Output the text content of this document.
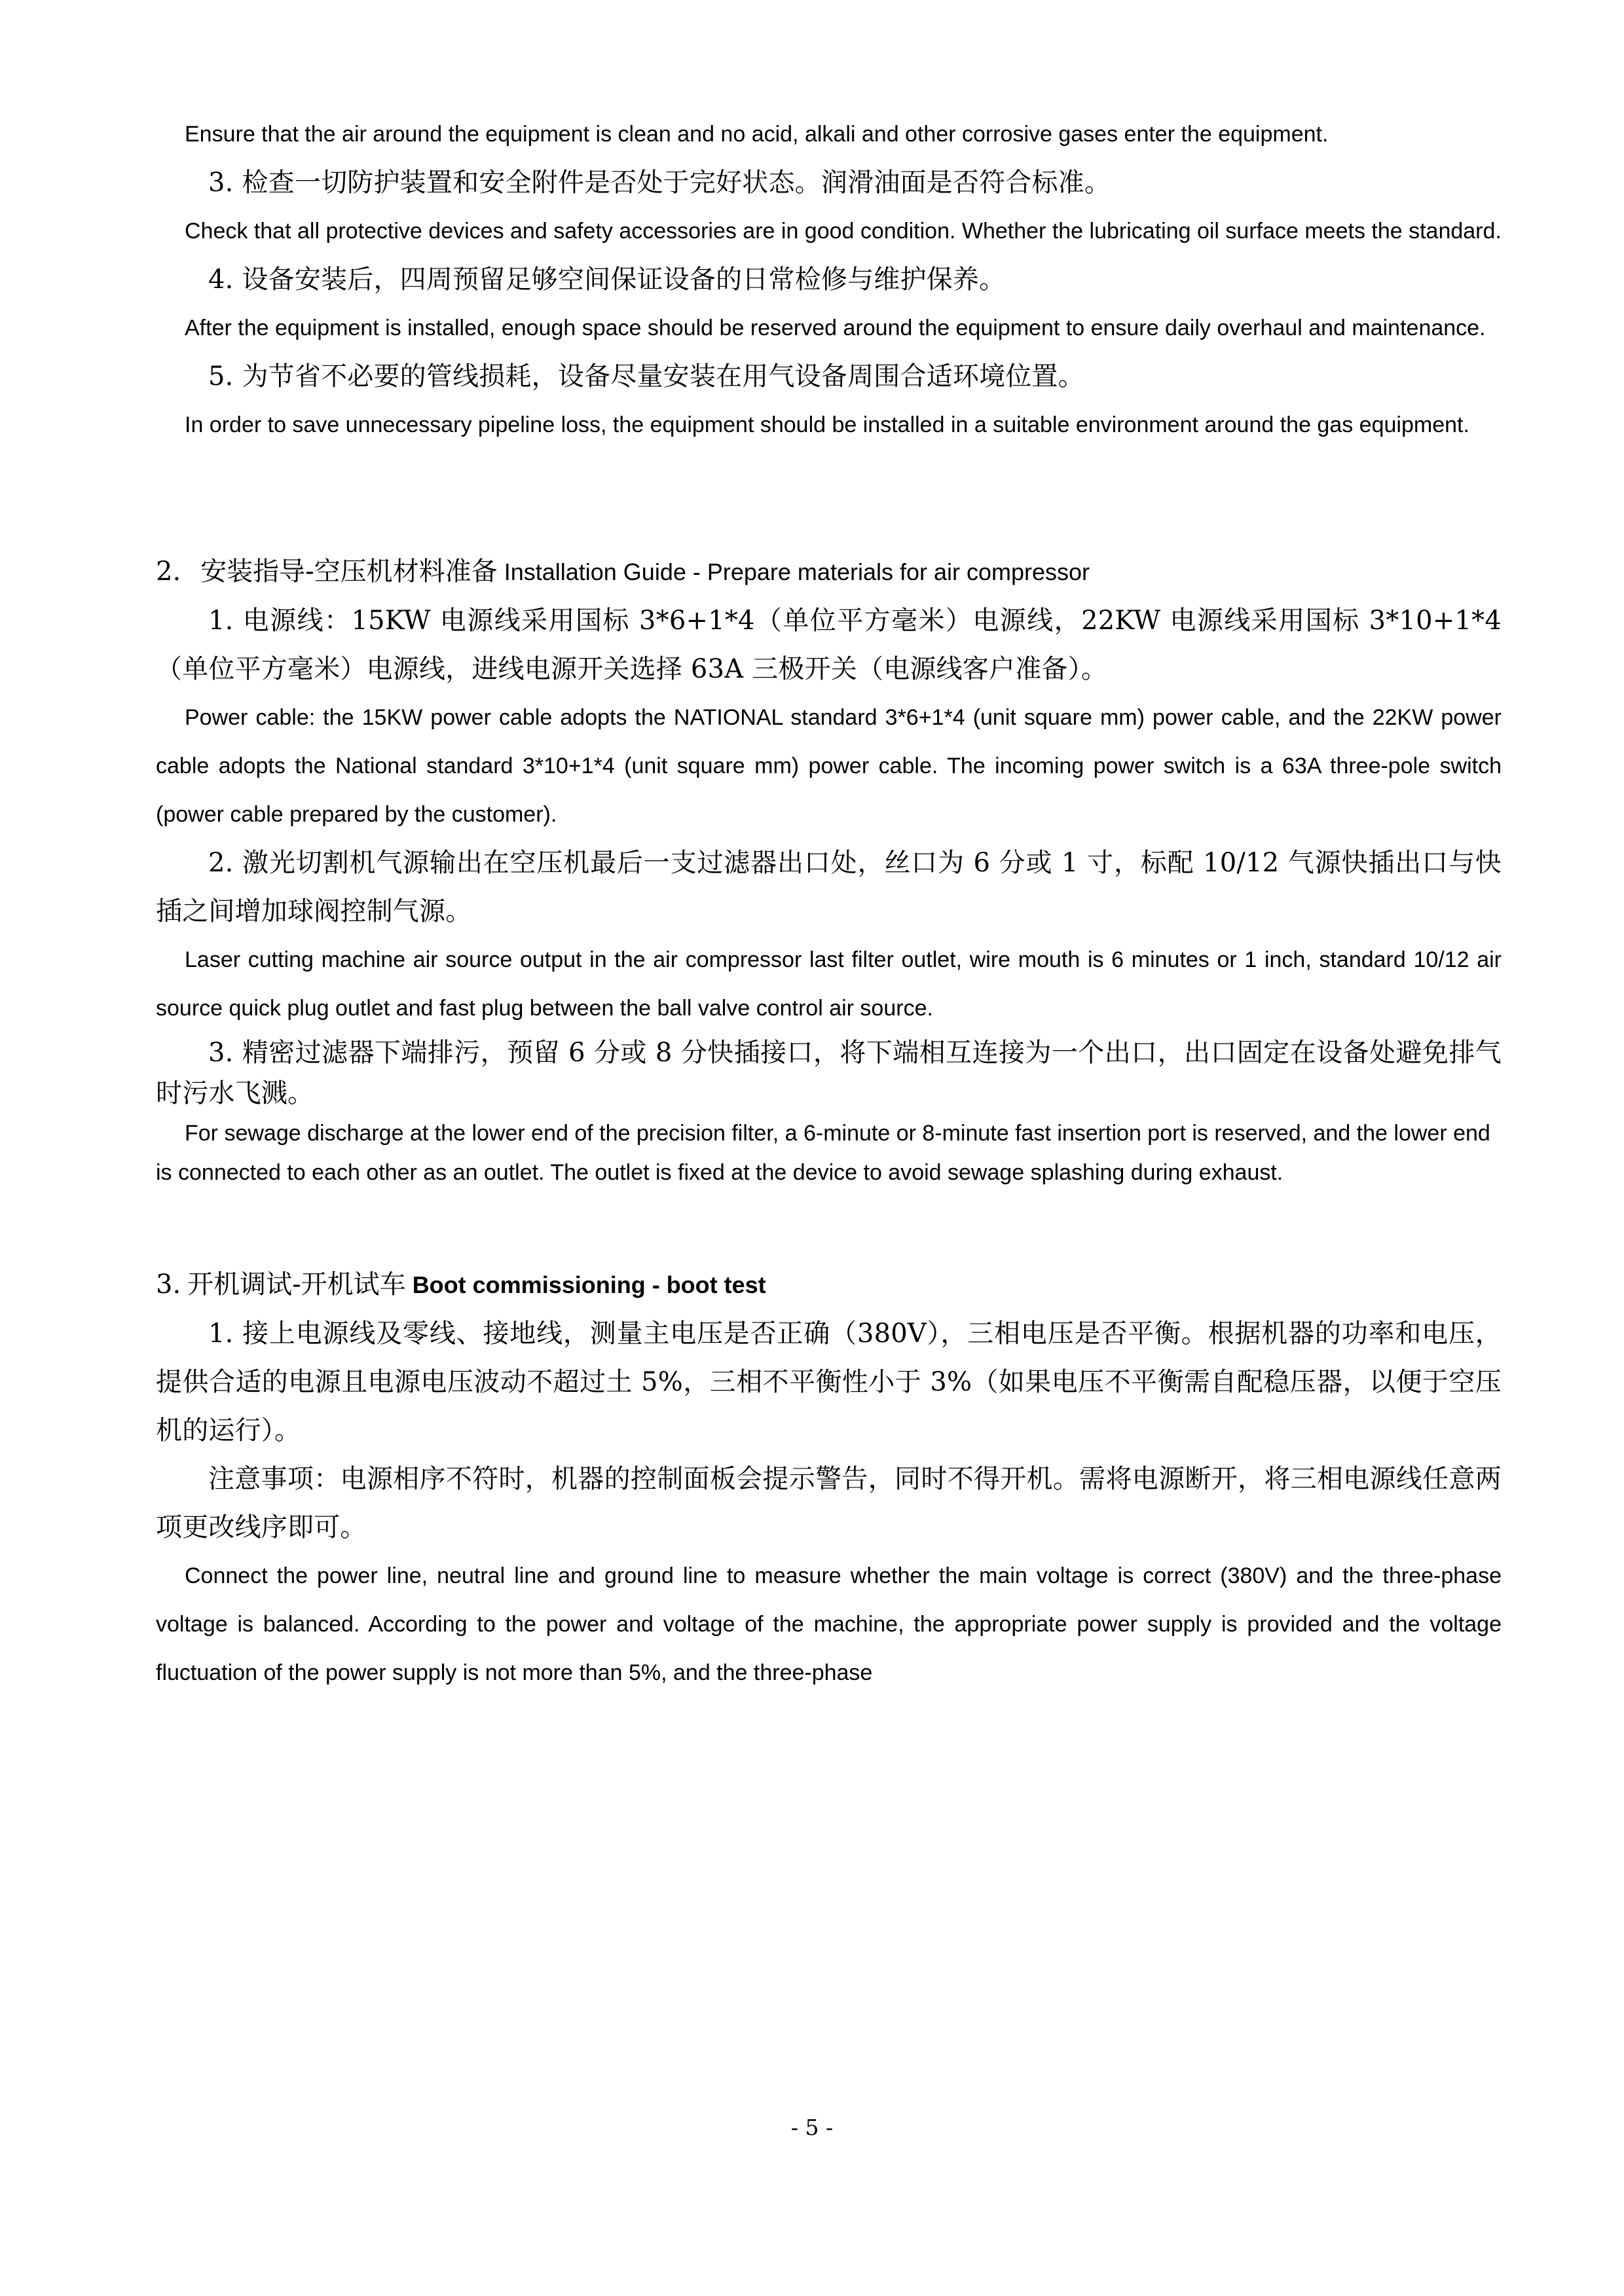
Ensure that the air around the equipment is clean and no acid, alkali and other corrosive gases enter the equipment.

3. 检查一切防护装置和安全附件是否处于完好状态。润滑油面是否符合标准。

Check that all protective devices and safety accessories are in good condition. Whether the lubricating oil surface meets the standard.

4. 设备安装后，四周预留足够空间保证设备的日常检修与维护保养。

After the equipment is installed, enough space should be reserved around the equipment to ensure daily overhaul and maintenance.

5. 为节省不必要的管线损耗，设备尽量安装在用气设备周围合适环境位置。

In order to save unnecessary pipeline loss, the equipment should be installed in a suitable environment around the gas equipment.

2. 安装指导-空压机材料准备 Installation Guide - Prepare materials for air compressor

1. 电源线：15KW 电源线采用国标 3*6+1*4（单位平方毫米）电源线，22KW 电源线采用国标 3*10+1*4（单位平方毫米）电源线，进线电源开关选择 63A 三极开关（电源线客户准备）。

Power cable: the 15KW power cable adopts the NATIONAL standard 3*6+1*4 (unit square mm) power cable, and the 22KW power cable adopts the National standard 3*10+1*4 (unit square mm) power cable. The incoming power switch is a 63A three-pole switch (power cable prepared by the customer).

2. 激光切割机气源输出在空压机最后一支过滤器出口处，丝口为 6 分或 1 寸，标配 10/12 气源快插出口与快插之间增加球阀控制气源。

Laser cutting machine air source output in the air compressor last filter outlet, wire mouth is 6 minutes or 1 inch, standard 10/12 air source quick plug outlet and fast plug between the ball valve control air source.

3. 精密过滤器下端排污，预留 6 分或 8 分快插接口，将下端相互连接为一个出口，出口固定在设备处避免排气时污水飞溅。

For sewage discharge at the lower end of the precision filter, a 6-minute or 8-minute fast insertion port is reserved, and the lower end is connected to each other as an outlet. The outlet is fixed at the device to avoid sewage splashing during exhaust.

3. 开机调试-开机试车 Boot commissioning - boot test

1. 接上电源线及零线、接地线，测量主电压是否正确（380V），三相电压是否平衡。根据机器的功率和电压，提供合适的电源且电源电压波动不超过土 5%，三相不平衡性小于 3%（如果电压不平衡需自配稳压器，以便于空压机的运行）。

注意事项：电源相序不符时，机器的控制面板会提示警告，同时不得开机。需将电源断开，将三相电源线任意两项更改线序即可。

Connect the power line, neutral line and ground line to measure whether the main voltage is correct (380V) and the three-phase voltage is balanced. According to the power and voltage of the machine, the appropriate power supply is provided and the voltage fluctuation of the power supply is not more than 5%, and the three-phase

- 5 -
